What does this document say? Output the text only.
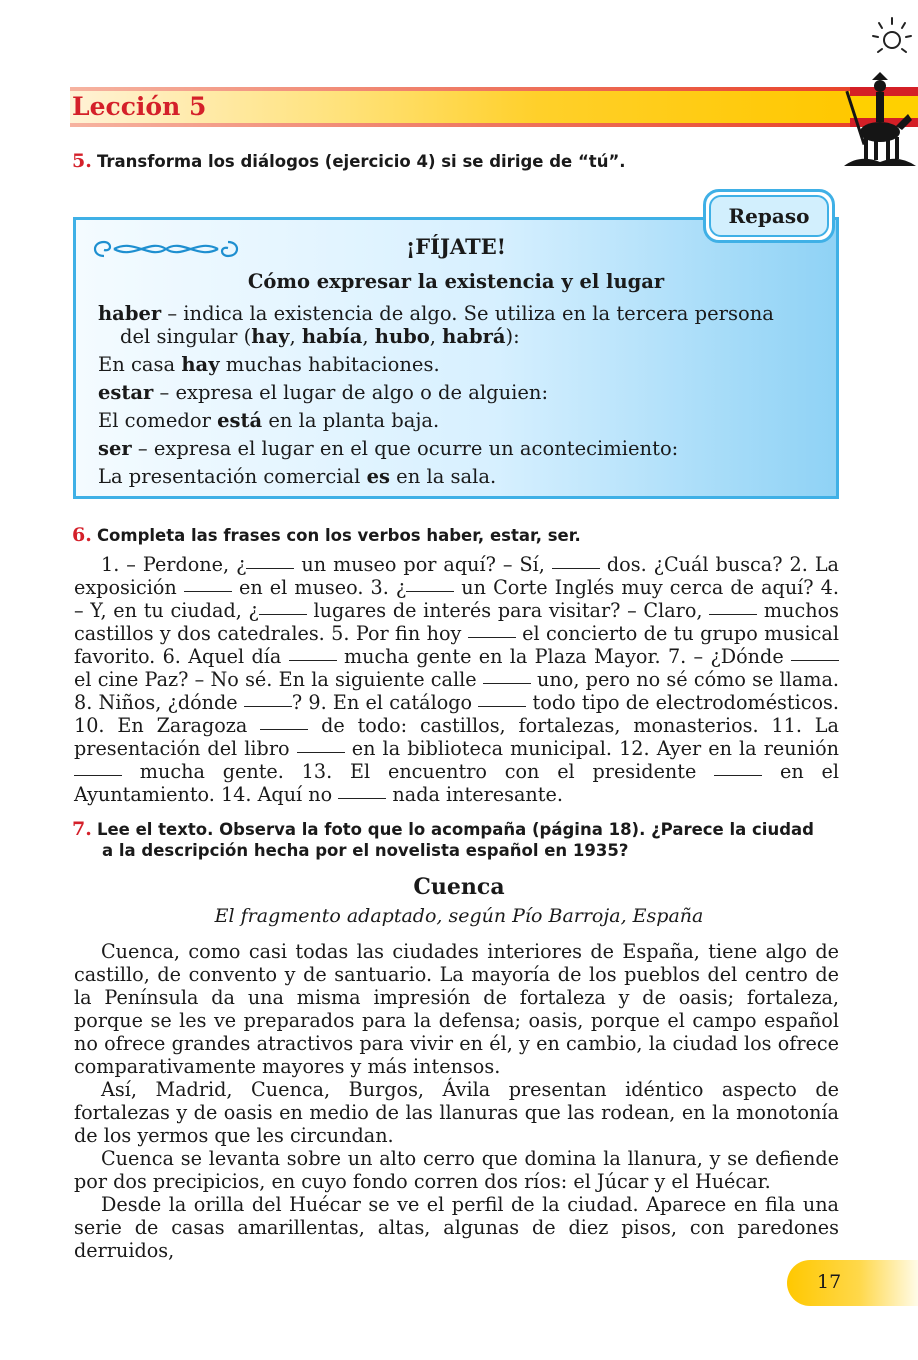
Lección 5
5. Transforma los diálogos (ejercicio 4) si se dirige de “tú”.
¡FÍJATE!
Cómo expresar la existencia y el lugar
haber – indica la existencia de algo. Se utiliza en la tercera persona
del singular (hay, había, hubo, habrá):
En casa hay muchas habitaciones.
estar – expresa el lugar de algo o de alguien:
El comedor está en la planta baja.
ser – expresa el lugar en el que ocurre un acontecimiento:
La presentación comercial es en la sala.
Repaso
6. Completa las frases con los verbos haber, estar, ser.

1. – Perdone, ¿	un museo por aquí? – Sí,	dos. ¿Cuál busca? 2. La exposición	en el museo. 3. ¿	un Corte Inglés muy cerca de aquí? 4. – Y, en tu ciudad, ¿	lugares de interés para visitar? – Claro,	muchos castillos y dos catedrales. 5. Por fin hoy	el concierto de tu grupo musical favorito. 6. Aquel día	mucha gente en la Plaza Mayor. 7. – ¿Dónde  el cine Paz? – No sé. En la siguiente calle	uno, pero no sé cómo se llama. 8. Niños, ¿dónde	? 9. En el catálogo	todo tipo de electrodomésticos. 10. En Zaragoza	de todo: castillos, fortalezas, monasterios. 11. La presentación del libro	en la biblioteca municipal. 12. Ayer en la reunión  mucha gente. 13. El encuentro con el presidente	en el Ayuntamiento. 14. Aquí no	nada interesante.

7. Lee el texto. Observa la foto que lo acompaña (página 18). ¿Parece la ciudad
a la descripción hecha por el novelista español en 1935?
Cuenca
El fragmento adaptado, según Pío Barroja, España

Cuenca, como casi todas las ciudades interiores de España, tiene algo de castillo, de convento y de santuario. La mayoría de los pueblos del centro de la Península da una misma impresión de fortaleza y de oasis; fortaleza, porque se les ve preparados para la defensa; oasis, porque el campo español no ofrece grandes atractivos para vivir en él, y en cambio, la ciudad los ofrece comparativamente mayores y más intensos.

Así, Madrid, Cuenca, Burgos, Ávila presentan idéntico aspecto de fortalezas y de oasis en medio de las llanuras que las rodean, en la monotonía de los yermos que les circundan.

Cuenca se levanta sobre un alto cerro que domina la llanura, y se defiende por dos precipicios, en cuyo fondo corren dos ríos: el Júcar y el Huécar.

Desde la orilla del Huécar se ve el perfil de la ciudad. Aparece en fila una serie de casas amarillentas, altas, algunas de diez pisos, con paredones derruidos,

17
